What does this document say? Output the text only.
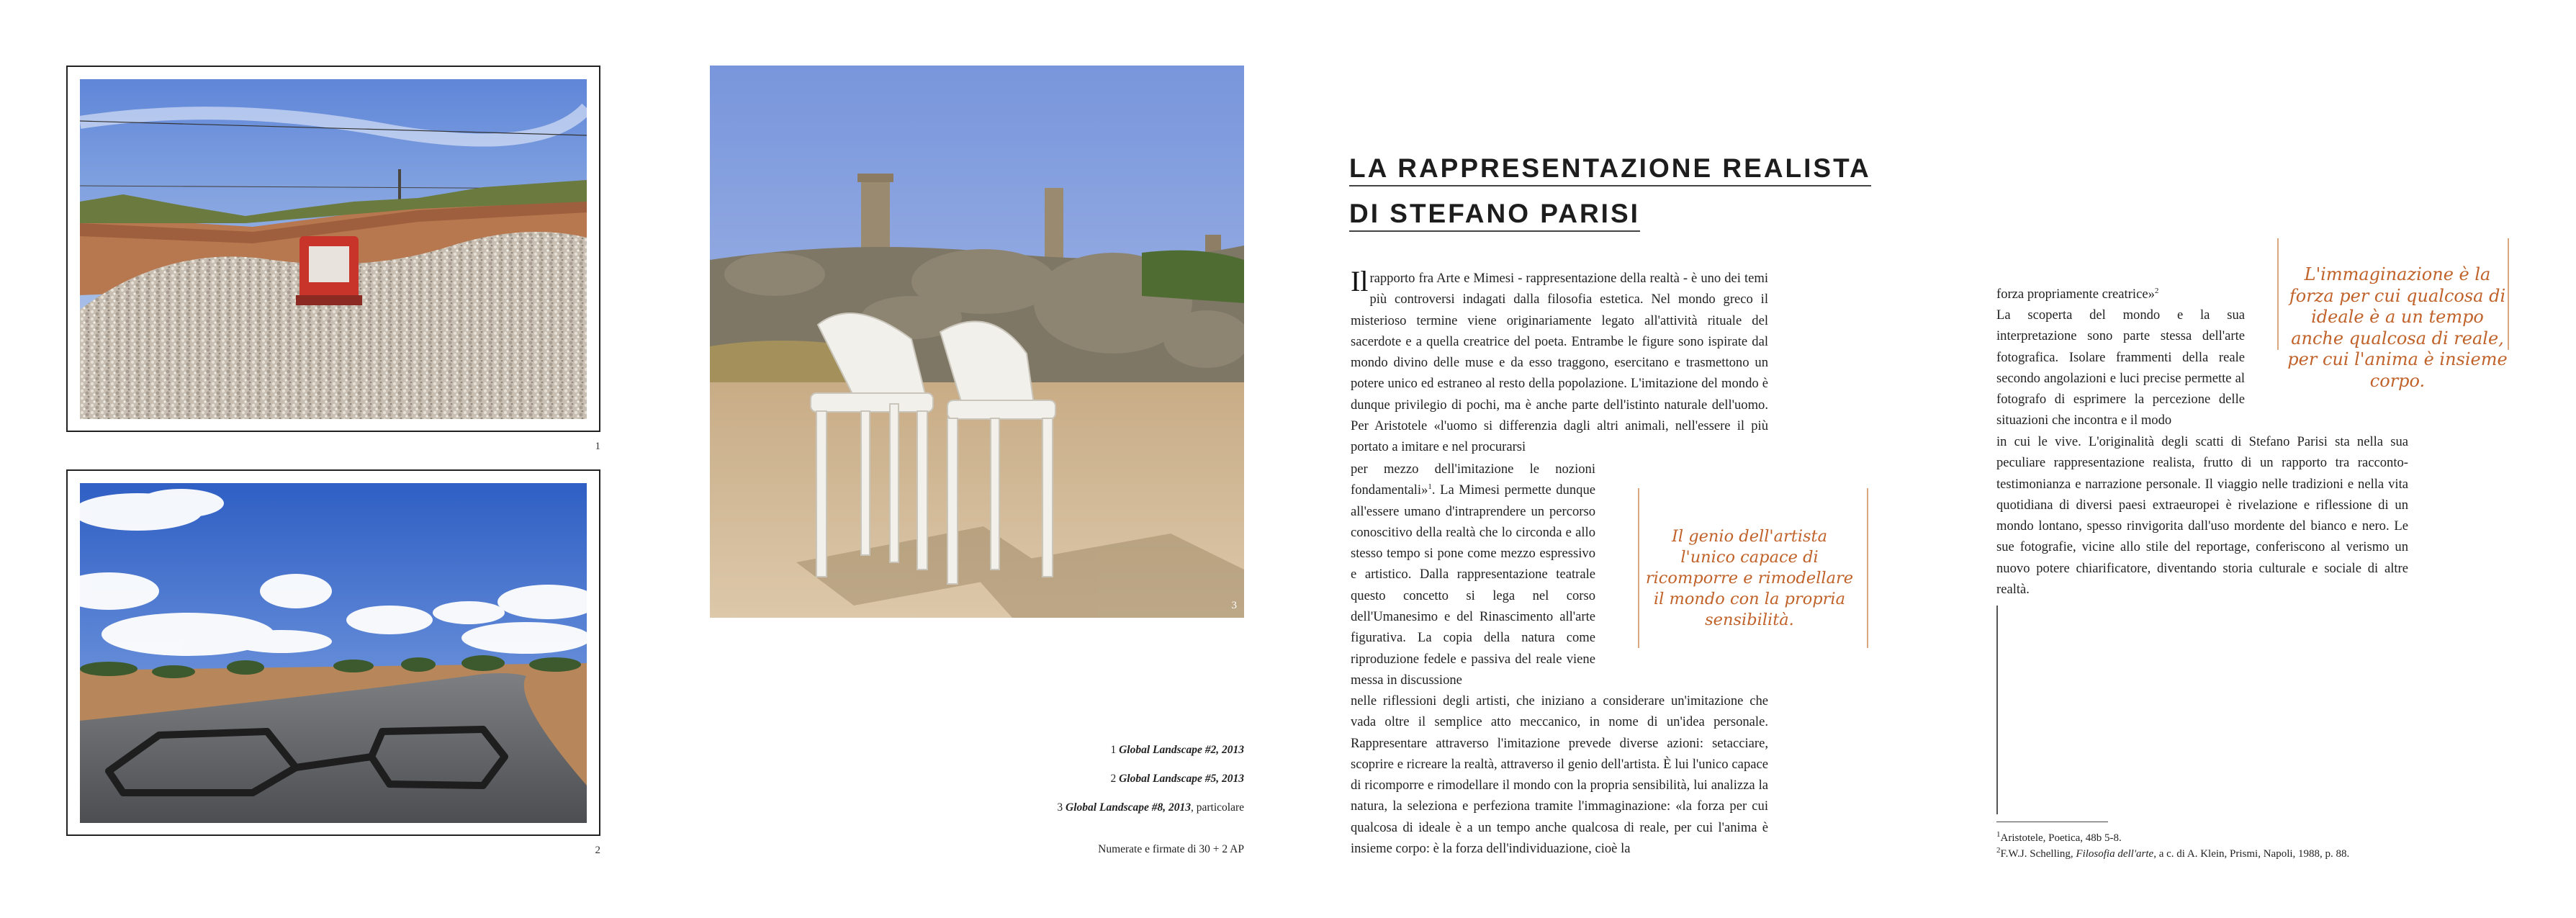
1
2
3
1 Global Landscape #2, 2013
2 Global Landscape #5, 2013
3 Global Landscape #8, 2013, particolare
Numerate e firmate di 30 + 2 AP
LA RAPPRESENTAZIONE REALISTA
DI STEFANO PARISI

Il rapporto fra Arte e Mimesi - rappresentazione della realtà - è uno dei temi più controversi indagati dalla filosofia estetica. Nel mondo greco il misterioso termine viene originariamente legato all'attività rituale del sacerdote e a quella creatrice del poeta. Entrambe le figure sono ispirate dal mondo divino delle muse e da esso traggono, esercitano e trasmettono un potere unico ed estraneo al resto della popolazione. L'imitazione del mondo è dunque privilegio di pochi, ma è anche parte dell'istinto naturale dell'uomo. Per Aristotele «l'uomo si differenzia dagli altri animali, nell'essere il più portato a imitare e nel procurarsi

per mezzo dell'imitazione le nozioni fondamentali»$^1$. La Mimesi permette dunque all'essere umano d'intraprendere un percorso conoscitivo della realtà che lo circonda e allo stesso tempo si pone come mezzo espressivo e artistico. Dalla rappresentazione teatrale questo concetto si lega nel corso dell'Umanesimo e del Rinascimento all'arte figurativa. La copia della natura come riproduzione fedele e passiva del reale viene messa in discussione

Il genio dell'artista l'unico capace di ricomporre e rimodellare il mondo con la propria sensibilità.

nelle riflessioni degli artisti, che iniziano a considerare un'imitazione che vada oltre il semplice atto meccanico, in nome di un'idea personale. Rappresentare attraverso l'imitazione prevede diverse azioni: setacciare, scoprire e ricreare la realtà, attraverso il genio dell'artista. È lui l'unico capace di ricomporre e rimodellare il mondo con la propria sensibilità, lui analizza la natura, la seleziona e perfeziona tramite l'immaginazione: «la forza per cui qualcosa di ideale è a un tempo anche qualcosa di reale, per cui l'anima è insieme corpo: è la forza dell'individuazione, cioè la

forza propriamente creatrice»$^2$

La scoperta del mondo e la sua interpretazione sono parte stessa dell'arte fotografica. Isolare frammenti della reale secondo angolazioni e luci precise permette al fotografo di esprimere la percezione delle situazioni che incontra e il modo

L'immaginazione è la forza per cui qualcosa di ideale è a un tempo anche qualcosa di reale, per cui l'anima è insieme corpo.

in cui le vive. L'originalità degli scatti di Stefano Parisi sta nella sua peculiare rappresentazione realista, frutto di un rapporto tra racconto-testimonianza e narrazione personale. Il viaggio nelle tradizioni e nella vita quotidiana di diversi paesi extraeuropei è rivelazione e riflessione di un mondo lontano, spesso rinvigorita dall'uso mordente del bianco e nero. Le sue fotografie, vicine allo stile del reportage, conferiscono al verismo un nuovo potere chiarificatore, diventando storia culturale e sociale di altre realtà.

$^1$Aristotele, Poetica, 48b 5-8.
$^2$F.W.J. Schelling, Filosofia dell'arte, a c. di A. Klein, Prismi, Napoli, 1988, p. 88.
